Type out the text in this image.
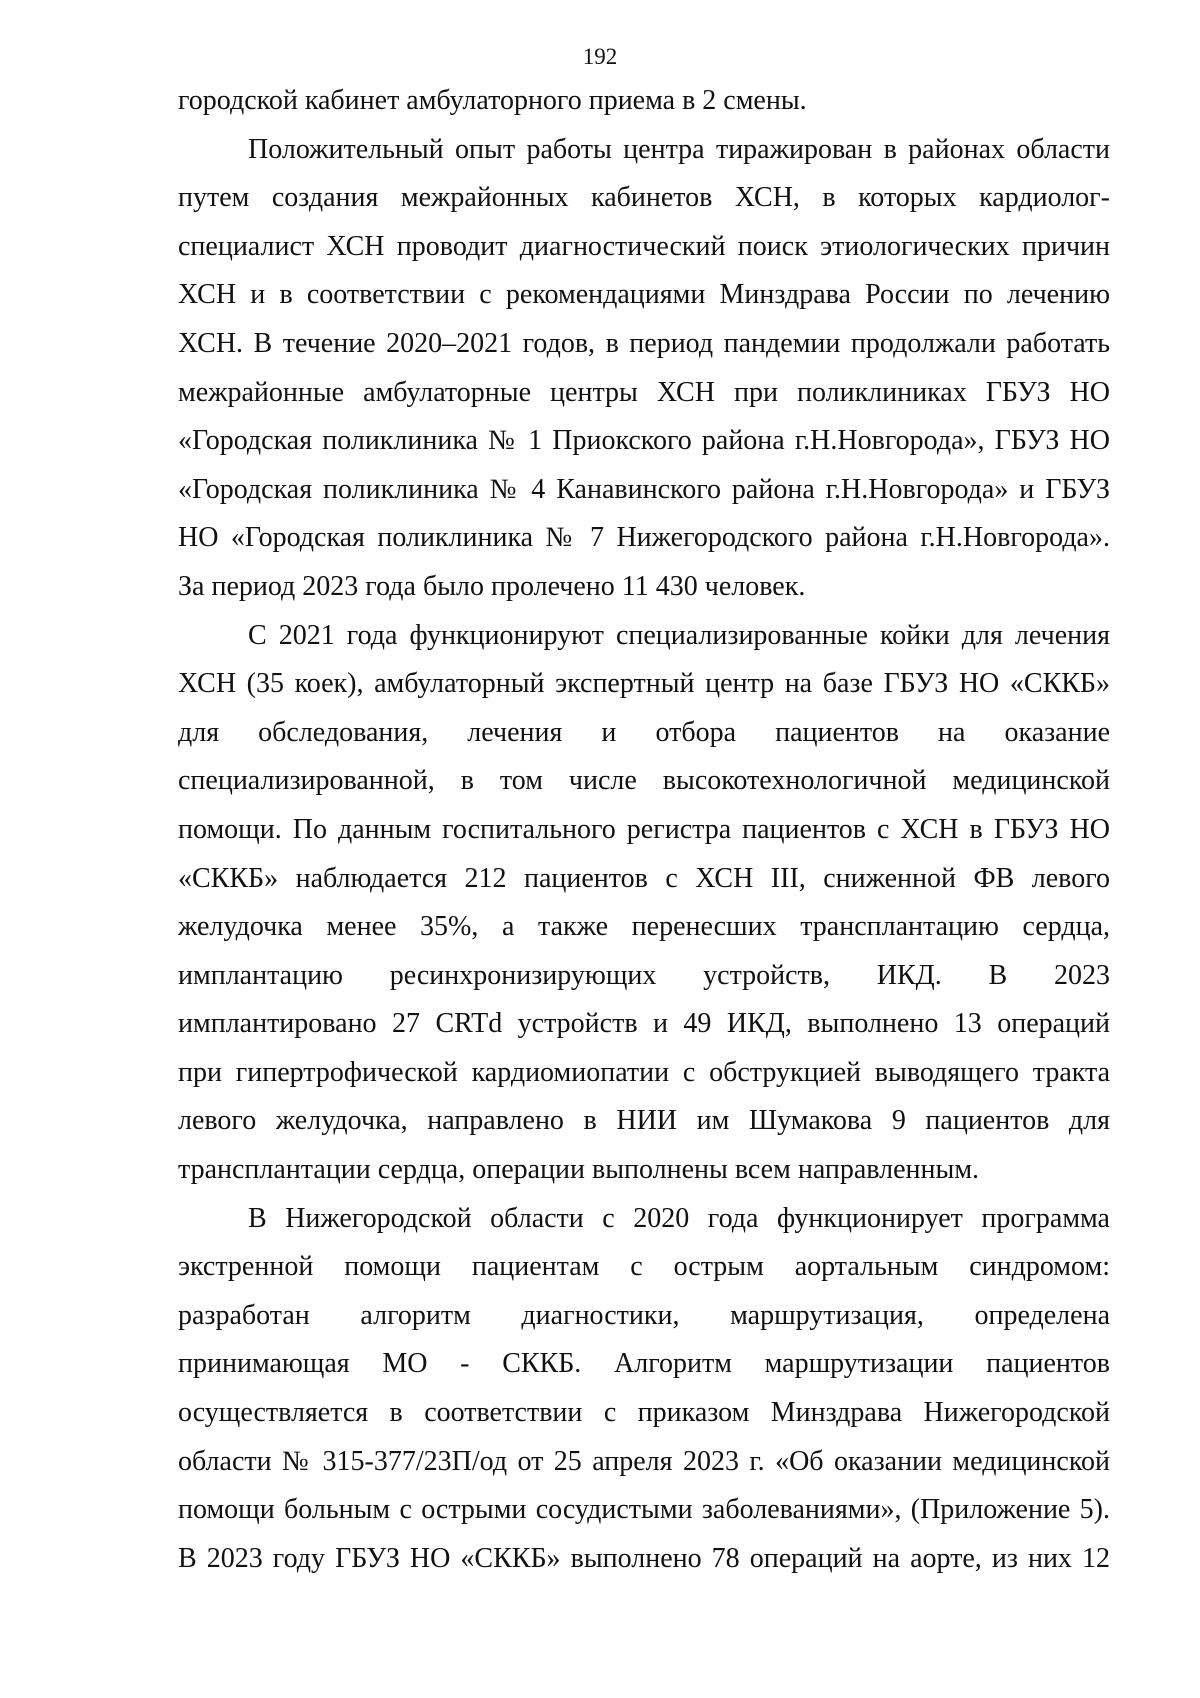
192

городской кабинет амбулаторного приема в 2 смены.

Положительный опыт работы центра тиражирован в районах области
путем создания межрайонных кабинетов ХСН, в которых кардиолог-
специалист ХСН проводит диагностический поиск этиологических причин
ХСН и в соответствии с рекомендациями Минздрава России по лечению
ХСН. В течение 2020–2021 годов, в период пандемии продолжали работать
межрайонные амбулаторные центры ХСН при поликлиниках ГБУЗ НО
«Городская поликлиника № 1 Приокского района г.Н.Новгорода», ГБУЗ НО
«Городская поликлиника № 4 Канавинского района г.Н.Новгорода» и ГБУЗ
НО «Городская поликлиника № 7 Нижегородского района г.Н.Новгорода».
За период 2023 года было пролечено 11 430 человек.

С 2021 года функционируют специализированные койки для лечения
ХСН (35 коек), амбулаторный экспертный центр на базе ГБУЗ НО «СККБ»
для обследования, лечения и отбора пациентов на оказание
специализированной, в том числе высокотехнологичной медицинской
помощи. По данным госпитального регистра пациентов с ХСН в ГБУЗ НО
«СККБ» наблюдается 212 пациентов с ХСН III, сниженной ФВ левого
желудочка менее 35%, а также перенесших трансплантацию сердца,
имплантацию ресинхронизирующих устройств, ИКД. В 2023
имплантировано 27 CRTd устройств и 49 ИКД, выполнено 13 операций
при гипертрофической кардиомиопатии с обструкцией выводящего тракта
левого желудочка, направлено в НИИ им Шумакова 9 пациентов для
трансплантации сердца, операции выполнены всем направленным.

В Нижегородской области с 2020 года функционирует программа
экстренной помощи пациентам с острым аортальным синдромом:
разработан алгоритм диагностики, маршрутизация, определена
принимающая МО - СККБ. Алгоритм маршрутизации пациентов
осуществляется в соответствии с приказом Минздрава Нижегородской
области № 315-377/23П/од от 25 апреля 2023 г. «Об оказании медицинской
помощи больным с острыми сосудистыми заболеваниями», (Приложение 5).
В 2023 году ГБУЗ НО «СККБ» выполнено 78 операций на аорте, из них 12
